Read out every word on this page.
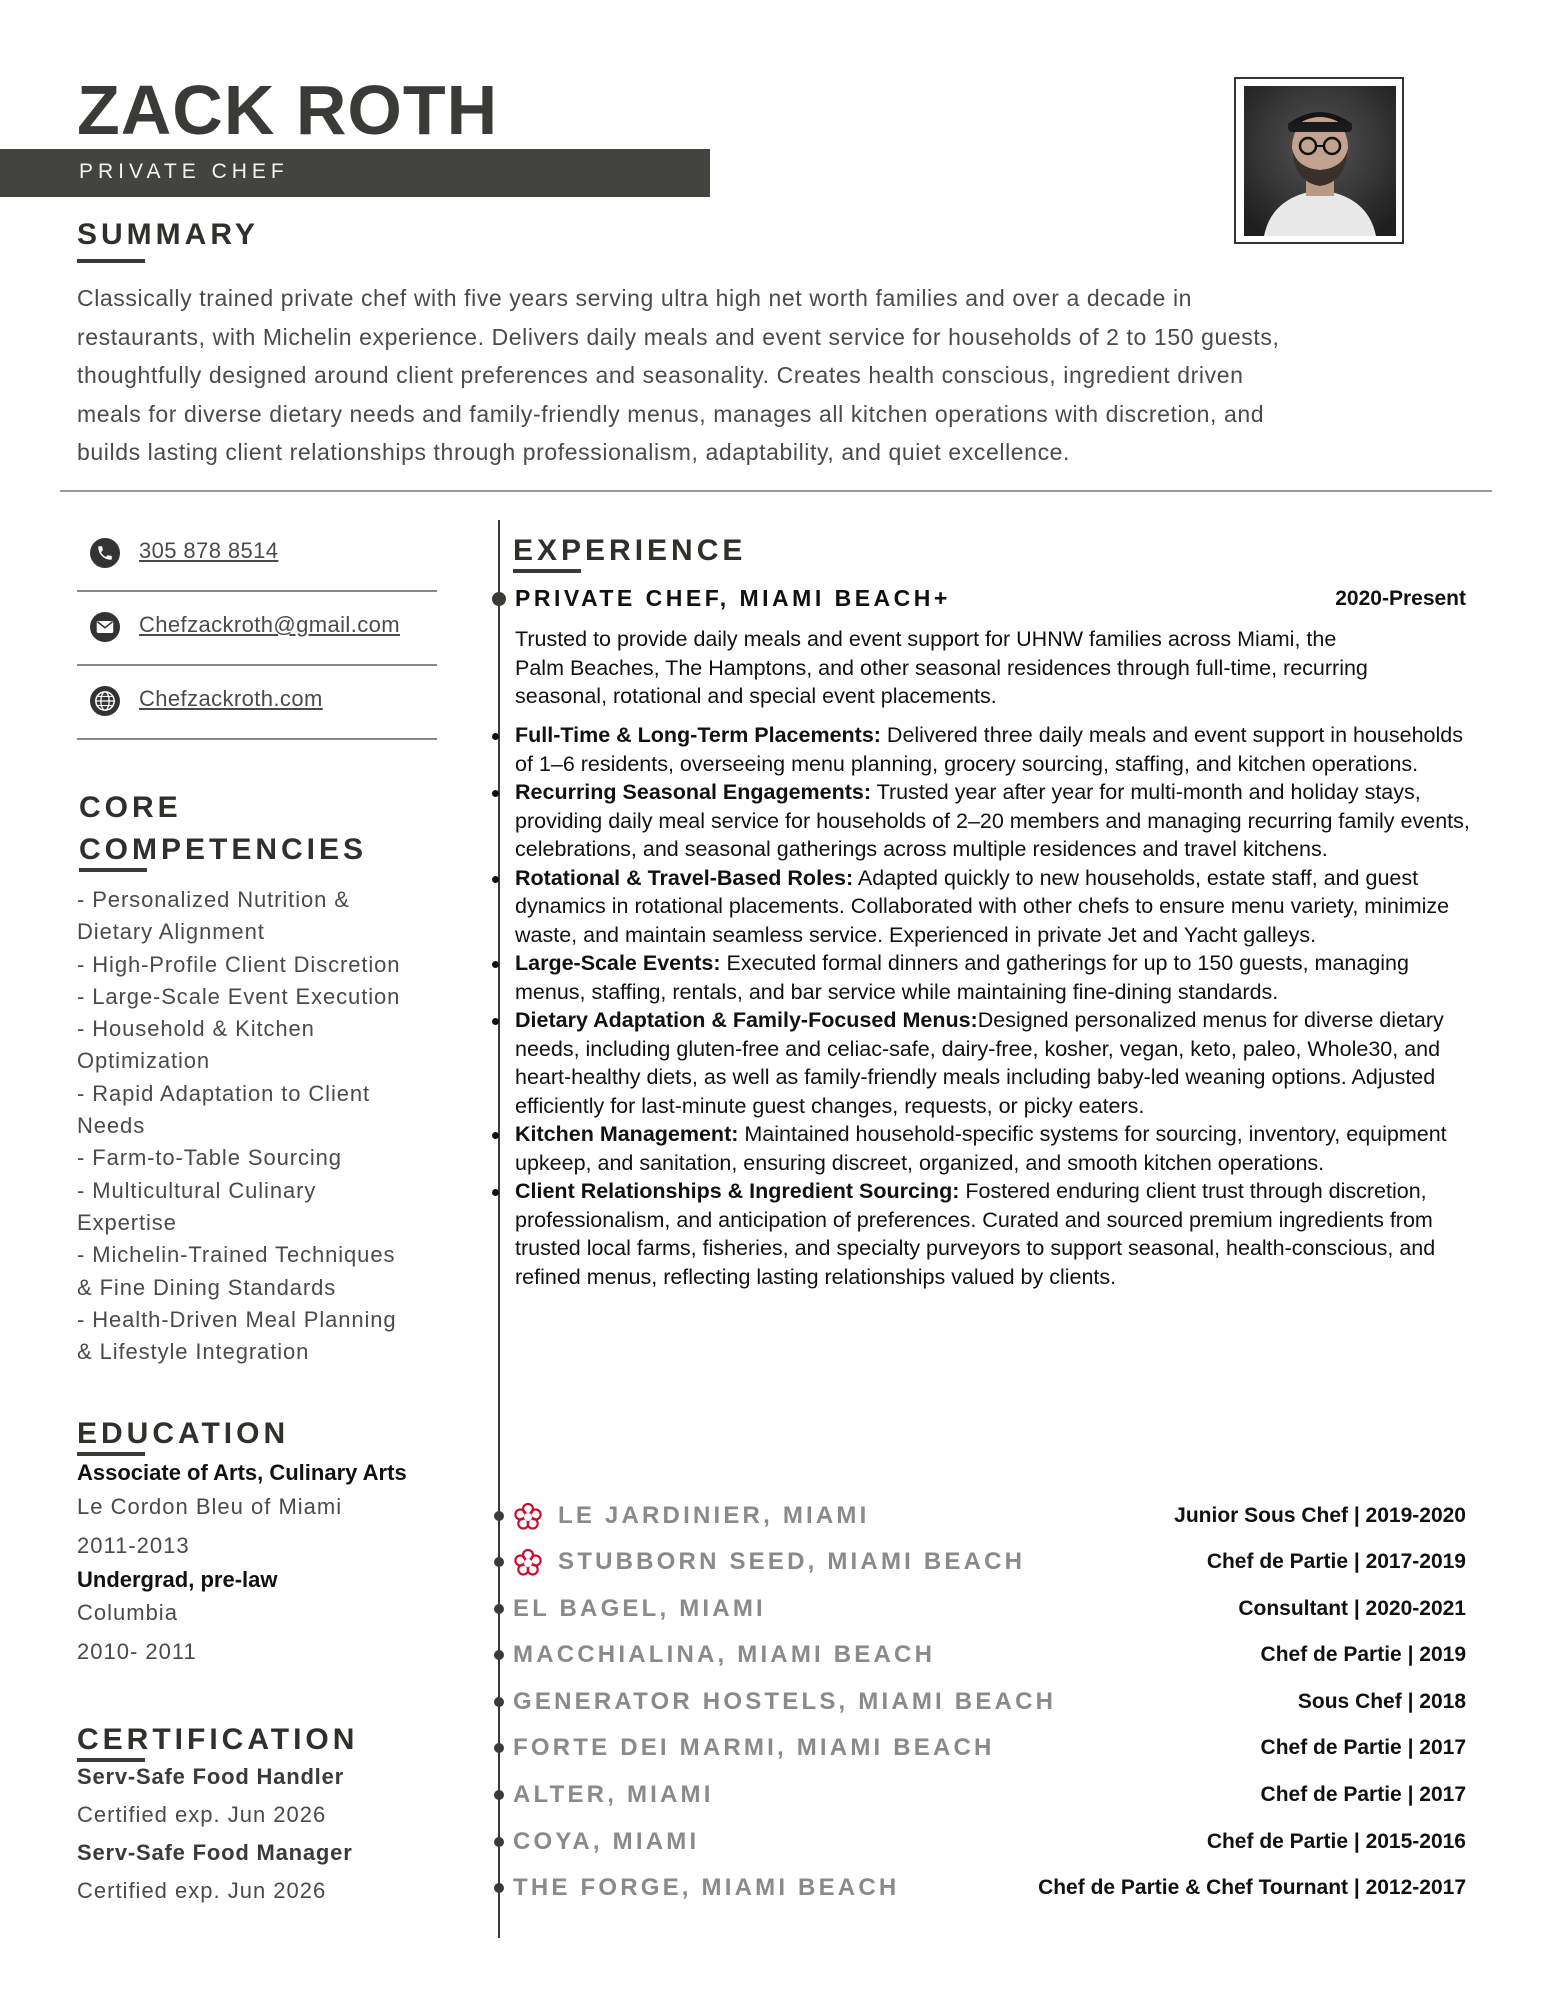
ZACK ROTH
PRIVATE CHEF
SUMMARY
Classically trained private chef with five years serving ultra high net worth families and over a decade in
restaurants, with Michelin experience. Delivers daily meals and event service for households of 2 to 150 guests,
thoughtfully designed around client preferences and seasonality. Creates health conscious, ingredient driven
meals for diverse dietary needs and family-friendly menus, manages all kitchen operations with discretion, and
builds lasting client relationships through professionalism, adaptability, and quiet excellence.
305 878 8514
Chefzackroth@gmail.com
Chefzackroth.com
CORE
COMPETENCIES
- Personalized Nutrition &
Dietary Alignment
- High-Profile Client Discretion
- Large-Scale Event Execution
- Household & Kitchen
Optimization
- Rapid Adaptation to Client
Needs
- Farm-to-Table Sourcing
- Multicultural Culinary
Expertise
- Michelin-Trained Techniques
& Fine Dining Standards
- Health-Driven Meal Planning
& Lifestyle Integration
EDUCATION
Associate of Arts, Culinary Arts
Le Cordon Bleu of Miami
2011-2013
Undergrad, pre-law
Columbia
2010- 2011
CERTIFICATION
Serv-Safe Food Handler
Certified exp. Jun 2026
Serv-Safe Food Manager
Certified exp. Jun 2026
EXPERIENCE
PRIVATE CHEF, MIAMI BEACH+	2020-Present
Trusted to provide daily meals and event support for UHNW families across Miami, the
Palm Beaches, The Hamptons, and other seasonal residences through full-time, recurring
seasonal, rotational and special event placements.
Full-Time & Long-Term Placements: Delivered three daily meals and event support in households of 1–6 residents, overseeing menu planning, grocery sourcing, staffing, and kitchen operations.
Recurring Seasonal Engagements: Trusted year after year for multi-month and holiday stays, providing daily meal service for households of 2–20 members and managing recurring family events, celebrations, and seasonal gatherings across multiple residences and travel kitchens.
Rotational & Travel-Based Roles: Adapted quickly to new households, estate staff, and guest dynamics in rotational placements. Collaborated with other chefs to ensure menu variety, minimize waste, and maintain seamless service. Experienced in private Jet and Yacht galleys.
Large-Scale Events: Executed formal dinners and gatherings for up to 150 guests, managing menus, staffing, rentals, and bar service while maintaining fine-dining standards.
Dietary Adaptation & Family-Focused Menus:Designed personalized menus for diverse dietary needs, including gluten-free and celiac-safe, dairy-free, kosher, vegan, keto, paleo, Whole30, and heart-healthy diets, as well as family-friendly meals including baby-led weaning options. Adjusted efficiently for last-minute guest changes, requests, or picky eaters.
Kitchen Management: Maintained household-specific systems for sourcing, inventory, equipment upkeep, and sanitation, ensuring discreet, organized, and smooth kitchen operations.
Client Relationships & Ingredient Sourcing: Fostered enduring client trust through discretion, professionalism, and anticipation of preferences. Curated and sourced premium ingredients from trusted local farms, fisheries, and specialty purveyors to support seasonal, health-conscious, and refined menus, reflecting lasting relationships valued by clients.
LE JARDINIER, MIAMI	Junior Sous Chef | 2019-2020
STUBBORN SEED, MIAMI BEACH	Chef de Partie | 2017-2019
EL BAGEL, MIAMI	Consultant | 2020-2021
MACCHIALINA, MIAMI BEACH	Chef de Partie | 2019
GENERATOR HOSTELS, MIAMI BEACH	Sous Chef | 2018
FORTE DEI MARMI, MIAMI BEACH	Chef de Partie | 2017
ALTER, MIAMI	Chef de Partie | 2017
COYA, MIAMI	Chef de Partie | 2015-2016
THE FORGE, MIAMI BEACH	Chef de Partie & Chef Tournant | 2012-2017
